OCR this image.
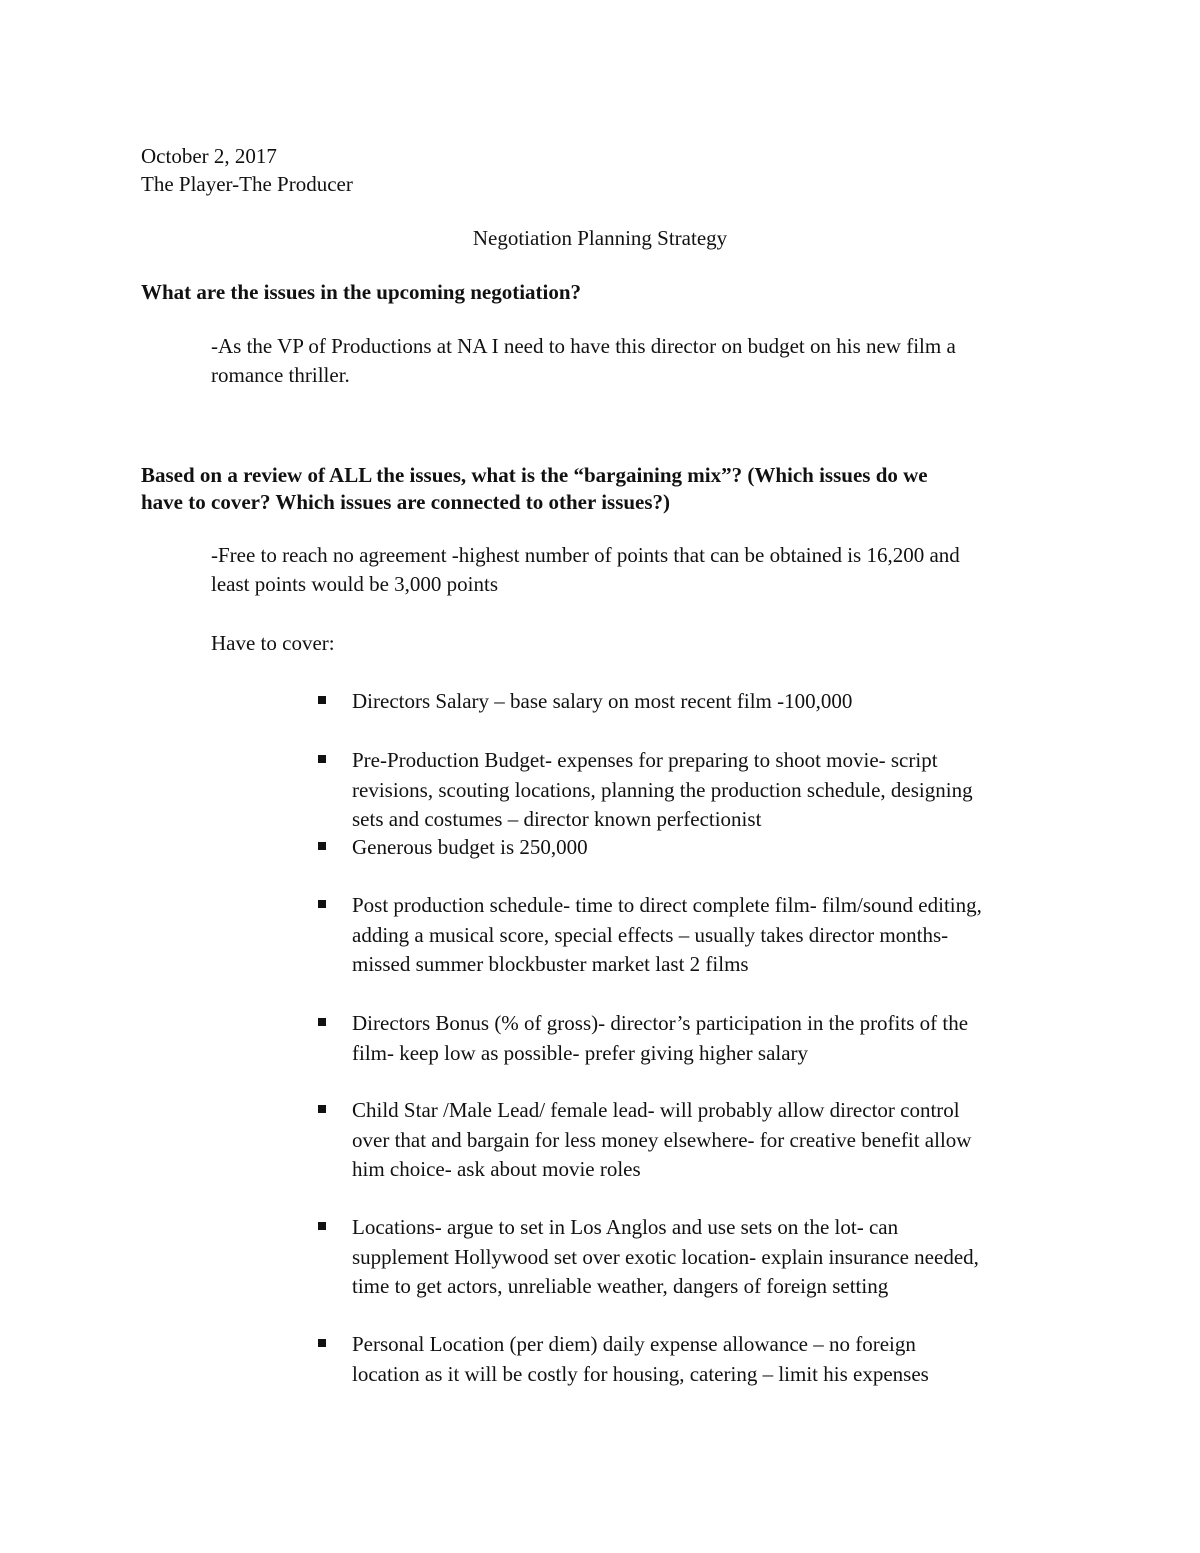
October 2, 2017

The Player-The Producer

Negotiation Planning Strategy

What are the issues in the upcoming negotiation?

-As the VP of Productions at NA I need to have this director on budget on his new film a

romance thriller.

Based on a review of ALL the issues, what is the “bargaining mix”? (Which issues do we

have to cover? Which issues are connected to other issues?)

-Free to reach no agreement -highest number of points that can be obtained is 16,200 and

least points would be 3,000 points

Have to cover:

Directors Salary – base salary on most recent film -100,000
Pre-Production Budget- expenses for preparing to shoot movie- script
revisions, scouting locations, planning the production schedule, designing
sets and costumes – director known perfectionist
Generous budget is 250,000
Post production schedule- time to direct complete film- film/sound editing,
adding a musical score, special effects – usually takes director months-
missed summer blockbuster market last 2 films
Directors Bonus (% of gross)- director’s participation in the profits of the
film- keep low as possible- prefer giving higher salary
Child Star /Male Lead/ female lead- will probably allow director control
over that and bargain for less money elsewhere- for creative benefit allow
him choice- ask about movie roles
Locations- argue to set in Los Anglos and use sets on the lot- can
supplement Hollywood set over exotic location- explain insurance needed,
time to get actors, unreliable weather, dangers of foreign setting
Personal Location (per diem) daily expense allowance – no foreign
location as it will be costly for housing, catering – limit his expenses
